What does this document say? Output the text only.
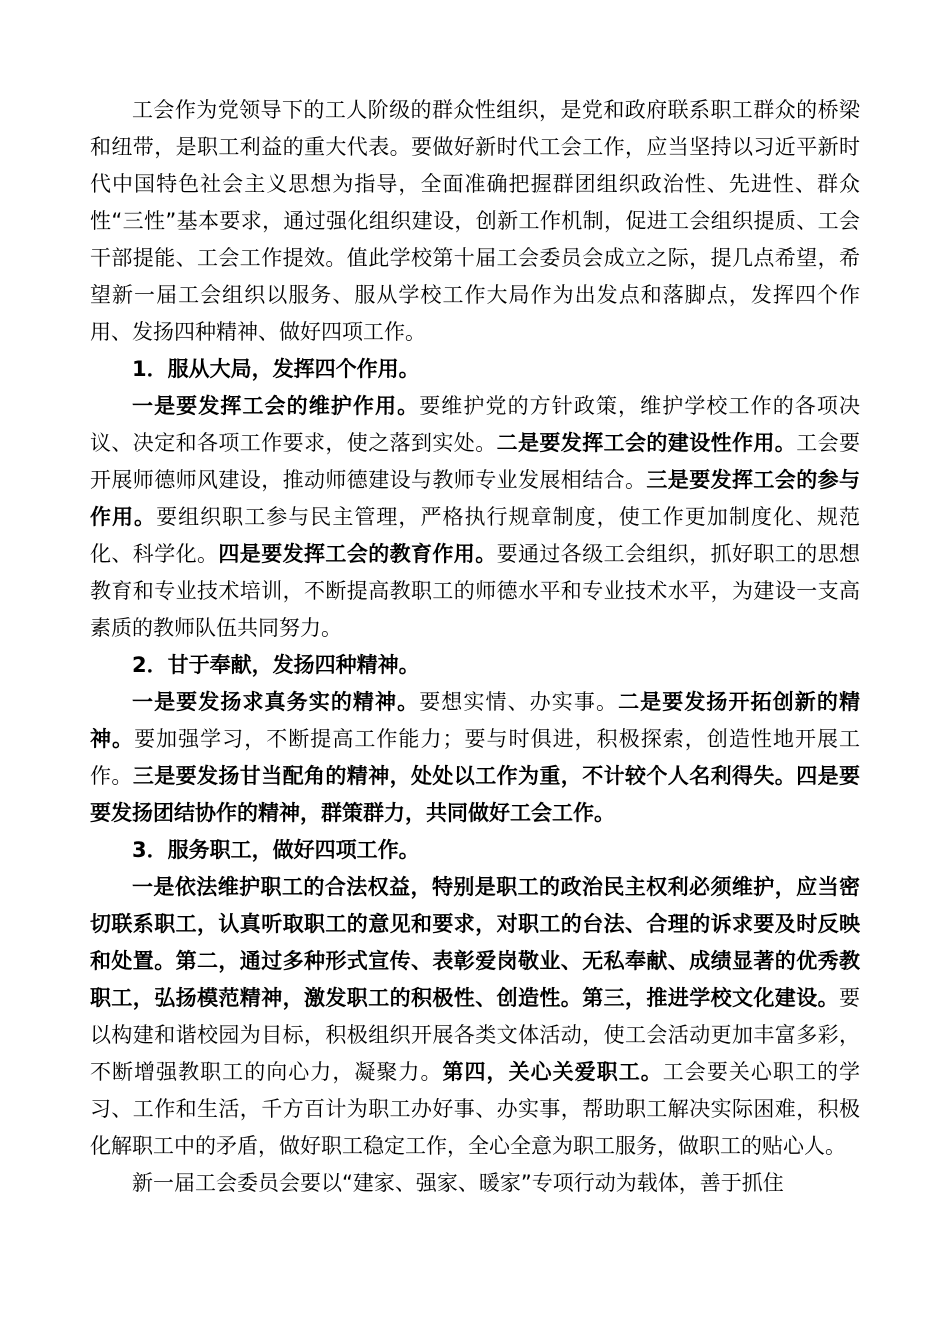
工会作为党领导下的工人阶级的群众性组织，是党和政府联系职工群众的桥梁和纽带，是职工利益的重大代表。要做好新时代工会工作，应当坚持以习近平新时代中国特色社会主义思想为指导，全面准确把握群团组织政治性、先进性、群众性“三性”基本要求，通过强化组织建设，创新工作机制，促进工会组织提质、工会干部提能、工会工作提效。值此学校第十届工会委员会成立之际，提几点希望，希望新一届工会组织以服务、服从学校工作大局作为出发点和落脚点，发挥四个作用、发扬四种精神、做好四项工作。

1．服从大局，发挥四个作用。

一是要发挥工会的维护作用。要维护党的方针政策，维护学校工作的各项决议、决定和各项工作要求，使之落到实处。二是要发挥工会的建设性作用。工会要开展师德师风建设，推动师德建设与教师专业发展相结合。三是要发挥工会的参与作用。要组织职工参与民主管理，严格执行规章制度，使工作更加制度化、规范化、科学化。四是要发挥工会的教育作用。要通过各级工会组织，抓好职工的思想教育和专业技术培训，不断提高教职工的师德水平和专业技术水平，为建设一支高素质的教师队伍共同努力。

2．甘于奉献，发扬四种精神。

一是要发扬求真务实的精神。要想实情、办实事。二是要发扬开拓创新的精神。要加强学习，不断提高工作能力；要与时俱进，积极探索，创造性地开展工作。三是要发扬甘当配角的精神，处处以工作为重，不计较个人名利得失。四是要要发扬团结协作的精神，群策群力，共同做好工会工作。

3．服务职工，做好四项工作。

一是依法维护职工的合法权益，特别是职工的政治民主权利必须维护，应当密切联系职工，认真听取职工的意见和要求，对职工的台法、合理的诉求要及时反映和处置。第二，通过多种形式宣传、表彰爱岗敬业、无私奉献、成绩显著的优秀教职工，弘扬模范精神，激发职工的积极性、创造性。第三，推进学校文化建设。要以构建和谐校园为目标，积极组织开展各类文体活动，使工会活动更加丰富多彩，不断增强教职工的向心力，凝聚力。第四，关心关爱职工。工会要关心职工的学习、工作和生活，千方百计为职工办好事、办实事，帮助职工解决实际困难，积极化解职工中的矛盾，做好职工稳定工作，全心全意为职工服务，做职工的贴心人。

新一届工会委员会要以“建家、强家、暖家”专项行动为载体，善于抓住
